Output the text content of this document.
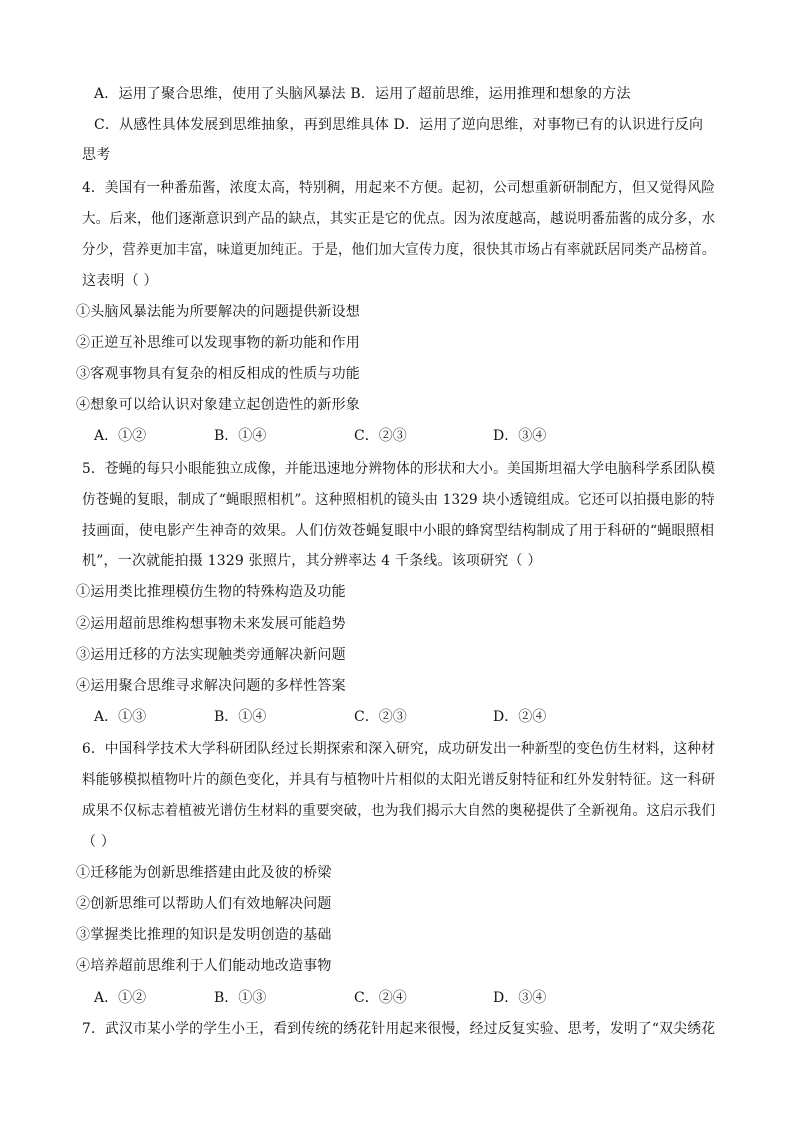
A．运用了聚合思维，使用了头脑风暴法 B．运用了超前思维，运用推理和想象的方法
C．从感性具体发展到思维抽象，再到思维具体 D．运用了逆向思维，对事物已有的认识进行反向
思考
4．美国有一种番茄酱，浓度太高，特别稠，用起来不方便。起初，公司想重新研制配方，但又觉得风险
大。后来，他们逐渐意识到产品的缺点，其实正是它的优点。因为浓度越高，越说明番茄酱的成分多，水
分少，营养更加丰富，味道更加纯正。于是，他们加大宣传力度，很快其市场占有率就跃居同类产品榜首。
这表明（ ）
①头脑风暴法能为所要解决的问题提供新设想
②正逆互补思维可以发现事物的新功能和作用
③客观事物具有复杂的相反相成的性质与功能
④想象可以给认识对象建立起创造性的新形象
A．①②	B．①④	C．②③	D．③④
5．苍蝇的每只小眼能独立成像，并能迅速地分辨物体的形状和大小。美国斯坦福大学电脑科学系团队模
仿苍蝇的复眼，制成了“蝇眼照相机”。这种照相机的镜头由 1329 块小透镜组成。它还可以拍摄电影的特
技画面，使电影产生神奇的效果。人们仿效苍蝇复眼中小眼的蜂窝型结构制成了用于科研的“蝇眼照相
机”，一次就能拍摄 1329 张照片，其分辨率达 4 千条线。该项研究（ ）
①运用类比推理模仿生物的特殊构造及功能
②运用超前思维构想事物未来发展可能趋势
③运用迁移的方法实现触类旁通解决新问题
④运用聚合思维寻求解决问题的多样性答案
A．①③	B．①④	C．②③	D．②④
6．中国科学技术大学科研团队经过长期探索和深入研究，成功研发出一种新型的变色仿生材料，这种材
料能够模拟植物叶片的颜色变化，并具有与植物叶片相似的太阳光谱反射特征和红外发射特征。这一科研
成果不仅标志着植被光谱仿生材料的重要突破，也为我们揭示大自然的奥秘提供了全新视角。这启示我们
（ ）
①迁移能为创新思维搭建由此及彼的桥梁
②创新思维可以帮助人们有效地解决问题
③掌握类比推理的知识是发明创造的基础
④培养超前思维利于人们能动地改造事物
A．①②	B．①③	C．②④	D．③④
7．武汉市某小学的学生小王，看到传统的绣花针用起来很慢，经过反复实验、思考，发明了“双尖绣花
